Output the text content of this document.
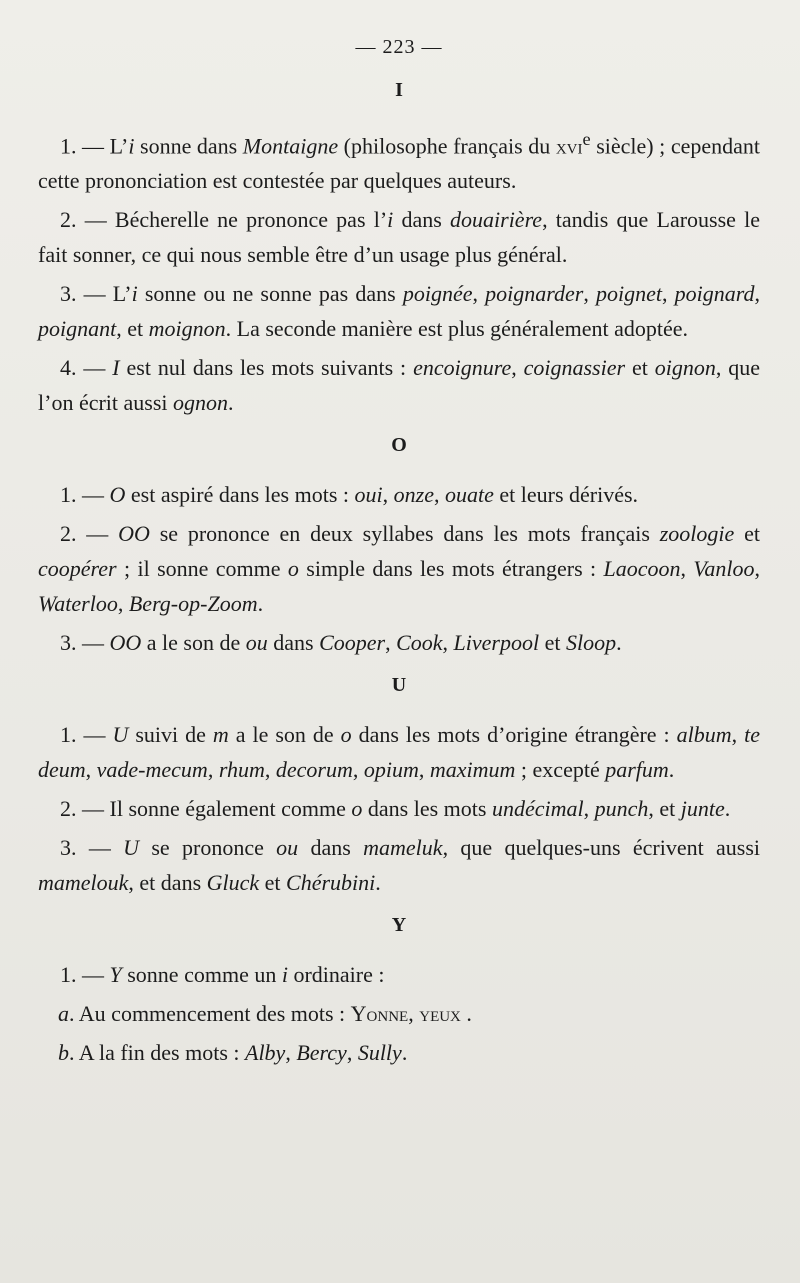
— 223 —
I

1. — L’i sonne dans Montaigne (philosophe français du xvi$^e$ siècle) ; cependant cette prononciation est contestée par quelques auteurs.

2. — Bécherelle ne prononce pas l’i dans douairière, tandis que Larousse le fait sonner, ce qui nous semble être d’un usage plus général.

3. — L’i sonne ou ne sonne pas dans poignée, poignarder, poignet, poignard, poignant, et moignon. La seconde manière est plus généralement adoptée.

4. — I est nul dans les mots suivants : encoignure, coignassier et oignon, que l’on écrit aussi ognon.

O

1. — O est aspiré dans les mots : oui, onze, ouate et leurs dérivés.

2. — OO se prononce en deux syllabes dans les mots français zoologie et coopérer ; il sonne comme o simple dans les mots étrangers : Laocoon, Vanloo, Waterloo, Berg-op-Zoom.

3. — OO a le son de ou dans Cooper, Cook, Liverpool et Sloop.

U

1. — U suivi de m a le son de o dans les mots d’origine étrangère : album, te deum, vade-mecum, rhum, decorum, opium, maximum ; excepté parfum.

2. — Il sonne également comme o dans les mots undécimal, punch, et junte.

3. — U se prononce ou dans mameluk, que quelques-uns écrivent aussi mamelouk, et dans Gluck et Chérubini.

Y

1. — Y sonne comme un i ordinaire :

a. Au commencement des mots : Yonne, yeux .

b. A la fin des mots : Alby, Bercy, Sully.
